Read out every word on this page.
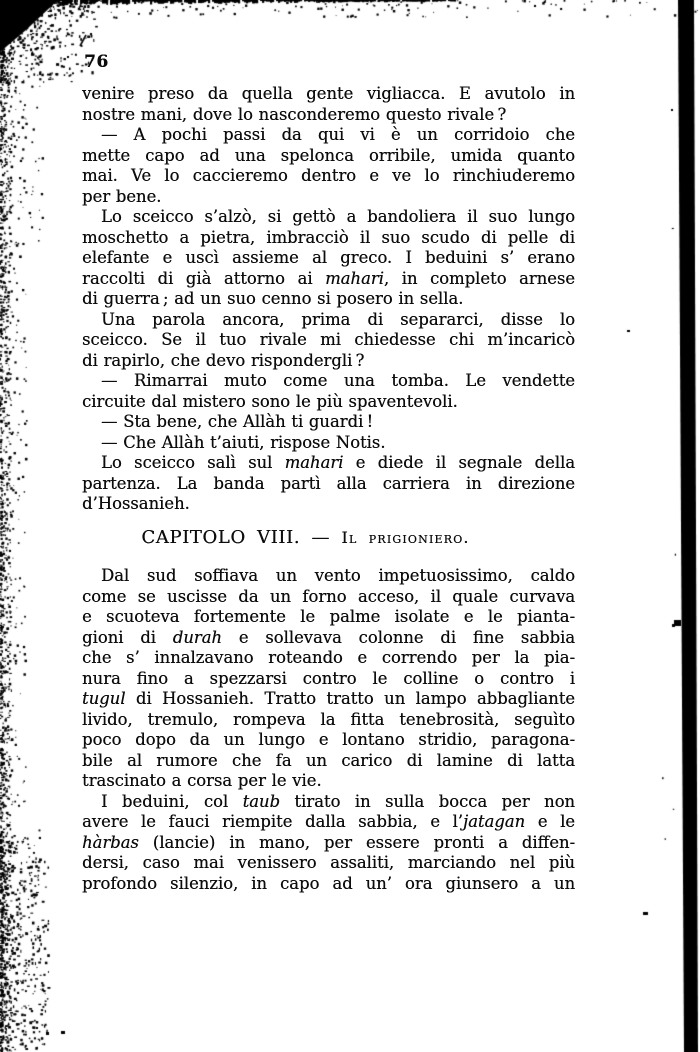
76
venire preso da quella gente vigliacca. E avutolo in
nostre mani, dove lo nasconderemo questo rivale ?
— A pochi passi da qui vi è un corridoio che
mette capo ad una spelonca orribile, umida quanto
mai. Ve lo caccieremo dentro e ve lo rinchiuderemo
per bene.
Lo sceicco s’alzò, si gettò a bandoliera il suo lungo
moschetto a pietra, imbracciò il suo scudo di pelle di
elefante e uscì assieme al greco. I beduini s’ erano
raccolti di già attorno ai mahari, in completo arnese
di guerra ; ad un suo cenno si posero in sella.
Una parola ancora, prima di separarci, disse lo
sceicco. Se il tuo rivale mi chiedesse chi m’incaricò
di rapirlo, che devo rispondergli ?
— Rimarrai muto come una tomba. Le vendette
circuite dal mistero sono le più spaventevoli.
— Sta bene, che Allàh ti guardi !
— Che Allàh t’aiuti, rispose Notis.
Lo sceicco salì sul mahari e diede il segnale della
partenza. La banda partì alla carriera in direzione
d’Hossanieh.
CAPITOLO VIII. — Il prigioniero.
Dal sud soffiava un vento impetuosissimo, caldo
come se uscisse da un forno acceso, il quale curvava
e scuoteva fortemente le palme isolate e le pianta-
gioni di durah e sollevava colonne di fine sabbia
che s’ innalzavano roteando e correndo per la pia-
nura fino a spezzarsi contro le colline o contro i
tugul di Hossanieh. Tratto tratto un lampo abbagliante
livido, tremulo, rompeva la fitta tenebrosità, seguìto
poco dopo da un lungo e lontano stridio, paragona-
bile al rumore che fa un carico di lamine di latta
trascinato a corsa per le vie.
I beduini, col taub tirato in sulla bocca per non
avere le fauci riempite dalla sabbia, e l’jatagan e le
hàrbas (lancie) in mano, per essere pronti a diffen-
dersi, caso mai venissero assaliti, marciando nel più
profondo silenzio, in capo ad un’ ora giunsero a un
